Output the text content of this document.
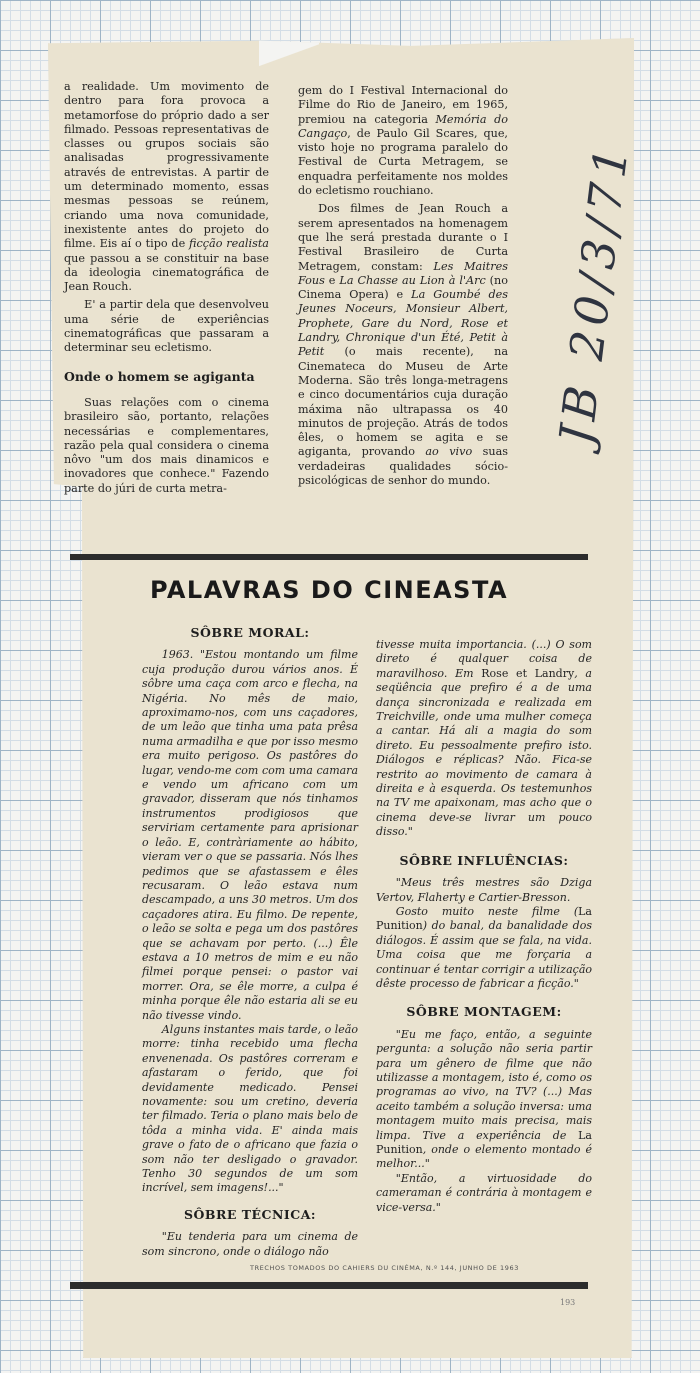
a realidade. Um movimento de dentro para fora provoca a metamorfose do próprio dado a ser filmado. Pessoas representativas de classes ou grupos sociais são analisadas progressivamente através de entrevistas. A partir de um determinado momento, essas mesmas pessoas se reúnem, criando uma nova comunidade, inexistente antes do projeto do filme. Eis aí o tipo de ficção realista que passou a se constituir na base da ideologia cinematográfica de Jean Rouch.

E' a partir dela que desenvolveu uma série de experiências cinematográficas que passaram a determinar seu ecletismo.

Onde o homem se agiganta

Suas relações com o cinema brasileiro são, portanto, relações necessárias e complementares, razão pela qual considera o cinema nôvo "um dos mais dinamicos e inovadores que conhece." Fazendo parte do júri de curta metra-

gem do I Festival Internacional do Filme do Rio de Janeiro, em 1965, premiou na categoria Memória do Cangaço, de Paulo Gil Scares, que, visto hoje no programa paralelo do Festival de Curta Metragem, se enquadra perfeitamente nos moldes do ecletismo rouchiano.

Dos filmes de Jean Rouch a serem apresentados na homenagem que lhe será prestada durante o I Festival Brasileiro de Curta Metragem, constam: Les Maitres Fous e La Chasse au Lion à l'Arc (no Cinema Opera) e La Goumbé des Jeunes Noceurs, Monsieur Albert, Prophete, Gare du Nord, Rose et Landry, Chronique d'un Été, Petit à Petit (o mais recente), na Cinemateca do Museu de Arte Moderna. São três longa-metragens e cinco documentários cuja duração máxima não ultrapassa os 40 minutos de projeção. Atrás de todos êles, o homem se agita e se agiganta, provando ao vivo suas verdadeiras qualidades sócio-psicológicas de senhor do mundo.

JB 20/3/71
PALAVRAS DO CINEASTA
SÔBRE MORAL:

1963. "Estou montando um filme cuja produção durou vários anos. É sôbre uma caça com arco e flecha, na Nigéria. No mês de maio, aproximamo-nos, com uns caçadores, de um leão que tinha uma pata prêsa numa armadilha e que por isso mesmo era muito perigoso. Os pastôres do lugar, vendo-me com com uma camara e vendo um africano com um gravador, disseram que nós tinhamos instrumentos prodigiosos que serviriam certamente para aprisionar o leão. E, contràriamente ao hábito, vieram ver o que se passaria. Nós lhes pedimos que se afastassem e êles recusaram. O leão estava num descampado, a uns 30 metros. Um dos caçadores atira. Eu filmo. De repente, o leão se solta e pega um dos pastôres que se achavam por perto. (...) Êle estava a 10 metros de mim e eu não filmei porque pensei: o pastor vai morrer. Ora, se êle morre, a culpa é minha porque êle não estaria ali se eu não tivesse vindo.

Alguns instantes mais tarde, o leão morre: tinha recebido uma flecha envenenada. Os pastôres correram e afastaram o ferido, que foi devidamente medicado. Pensei novamente: sou um cretino, deveria ter filmado. Teria o plano mais belo de tôda a minha vida. E' ainda mais grave o fato de o africano que fazia o som não ter desligado o gravador. Tenho 30 segundos de um som incrível, sem imagens!..."

SÔBRE TÉCNICA:

"Eu tenderia para um cinema de som sincrono, onde o diálogo não

tivesse muita importancia. (...) O som direto é qualquer coisa de maravilhoso. Em Rose et Landry, a seqüência que prefiro é a de uma dança sincronizada e realizada em Treichville, onde uma mulher começa a cantar. Há ali a magia do som direto. Eu pessoalmente prefiro isto. Diálogos e réplicas? Não. Fica-se restrito ao movimento de camara à direita e à esquerda. Os testemunhos na TV me apaixonam, mas acho que o cinema deve-se livrar um pouco disso."

SÔBRE INFLUÊNCIAS:

"Meus três mestres são Dziga Vertov, Flaherty e Cartier-Bresson.

Gosto muito neste filme (La Punition) do banal, da banalidade dos diálogos. É assim que se fala, na vida. Uma coisa que me forçaria a continuar é tentar corrigir a utilização dêste processo de fabricar a ficção."

SÔBRE MONTAGEM:

"Eu me faço, então, a seguinte pergunta: a solução não seria partir para um gênero de filme que não utilizasse a montagem, isto é, como os programas ao vivo, na TV? (...) Mas aceito também a solução inversa: uma montagem muito mais precisa, mais limpa. Tive a experiência de La Punition, onde o elemento montado é melhor..."

"Então, a virtuosidade do cameraman é contrária à montagem e vice-versa."

TRECHOS TOMADOS DO CAHIERS DU CINÉMA, N.º 144, JUNHO DE 1963
193
